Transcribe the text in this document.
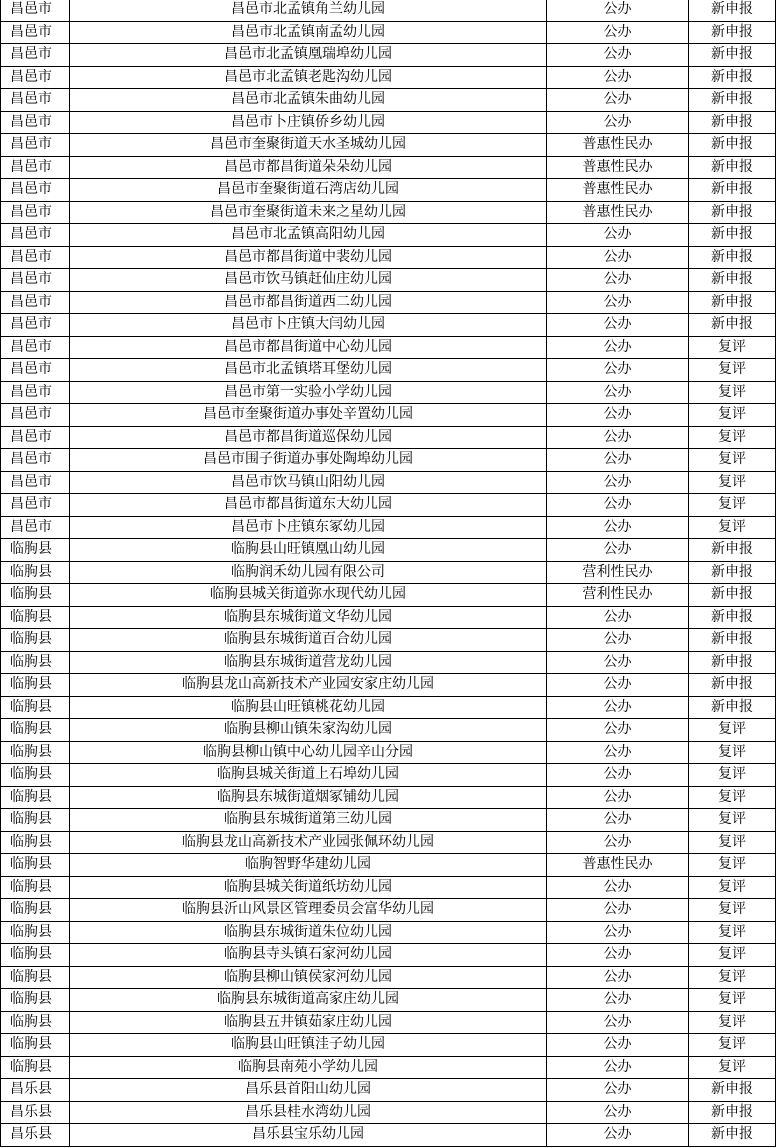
昌邑市	昌邑市北孟镇角兰幼儿园	公办	新申报
昌邑市	昌邑市北孟镇南孟幼儿园	公办	新申报
昌邑市	昌邑市北孟镇凰瑞埠幼儿园	公办	新申报
昌邑市	昌邑市北孟镇老匙沟幼儿园	公办	新申报
昌邑市	昌邑市北孟镇朱曲幼儿园	公办	新申报
昌邑市	昌邑市卜庄镇侨乡幼儿园	公办	新申报
昌邑市	昌邑市奎聚街道天水圣城幼儿园	普惠性民办	新申报
昌邑市	昌邑市都昌街道朵朵幼儿园	普惠性民办	新申报
昌邑市	昌邑市奎聚街道石湾店幼儿园	普惠性民办	新申报
昌邑市	昌邑市奎聚街道未来之星幼儿园	普惠性民办	新申报
昌邑市	昌邑市北孟镇高阳幼儿园	公办	新申报
昌邑市	昌邑市都昌街道中裴幼儿园	公办	新申报
昌邑市	昌邑市饮马镇赶仙庄幼儿园	公办	新申报
昌邑市	昌邑市都昌街道西二幼儿园	公办	新申报
昌邑市	昌邑市卜庄镇大闫幼儿园	公办	新申报
昌邑市	昌邑市都昌街道中心幼儿园	公办	复评
昌邑市	昌邑市北孟镇塔耳堡幼儿园	公办	复评
昌邑市	昌邑市第一实验小学幼儿园	公办	复评
昌邑市	昌邑市奎聚街道办事处辛置幼儿园	公办	复评
昌邑市	昌邑市都昌街道巡保幼儿园	公办	复评
昌邑市	昌邑市围子街道办事处陶埠幼儿园	公办	复评
昌邑市	昌邑市饮马镇山阳幼儿园	公办	复评
昌邑市	昌邑市都昌街道东大幼儿园	公办	复评
昌邑市	昌邑市卜庄镇东冢幼儿园	公办	复评
临朐县	临朐县山旺镇凰山幼儿园	公办	新申报
临朐县	临朐润禾幼儿园有限公司	营利性民办	新申报
临朐县	临朐县城关街道弥水现代幼儿园	营利性民办	新申报
临朐县	临朐县东城街道文华幼儿园	公办	新申报
临朐县	临朐县东城街道百合幼儿园	公办	新申报
临朐县	临朐县东城街道营龙幼儿园	公办	新申报
临朐县	临朐县龙山高新技术产业园安家庄幼儿园	公办	新申报
临朐县	临朐县山旺镇桃花幼儿园	公办	新申报
临朐县	临朐县柳山镇朱家沟幼儿园	公办	复评
临朐县	临朐县柳山镇中心幼儿园辛山分园	公办	复评
临朐县	临朐县城关街道上石埠幼儿园	公办	复评
临朐县	临朐县东城街道烟冢铺幼儿园	公办	复评
临朐县	临朐县东城街道第三幼儿园	公办	复评
临朐县	临朐县龙山高新技术产业园张佩环幼儿园	公办	复评
临朐县	临朐智野华建幼儿园	普惠性民办	复评
临朐县	临朐县城关街道纸坊幼儿园	公办	复评
临朐县	临朐县沂山风景区管理委员会富华幼儿园	公办	复评
临朐县	临朐县东城街道朱位幼儿园	公办	复评
临朐县	临朐县寺头镇石家河幼儿园	公办	复评
临朐县	临朐县柳山镇侯家河幼儿园	公办	复评
临朐县	临朐县东城街道高家庄幼儿园	公办	复评
临朐县	临朐县五井镇茹家庄幼儿园	公办	复评
临朐县	临朐县山旺镇洼子幼儿园	公办	复评
临朐县	临朐县南苑小学幼儿园	公办	复评
昌乐县	昌乐县首阳山幼儿园	公办	新申报
昌乐县	昌乐县桂水湾幼儿园	公办	新申报
昌乐县	昌乐县宝乐幼儿园	公办	新申报
